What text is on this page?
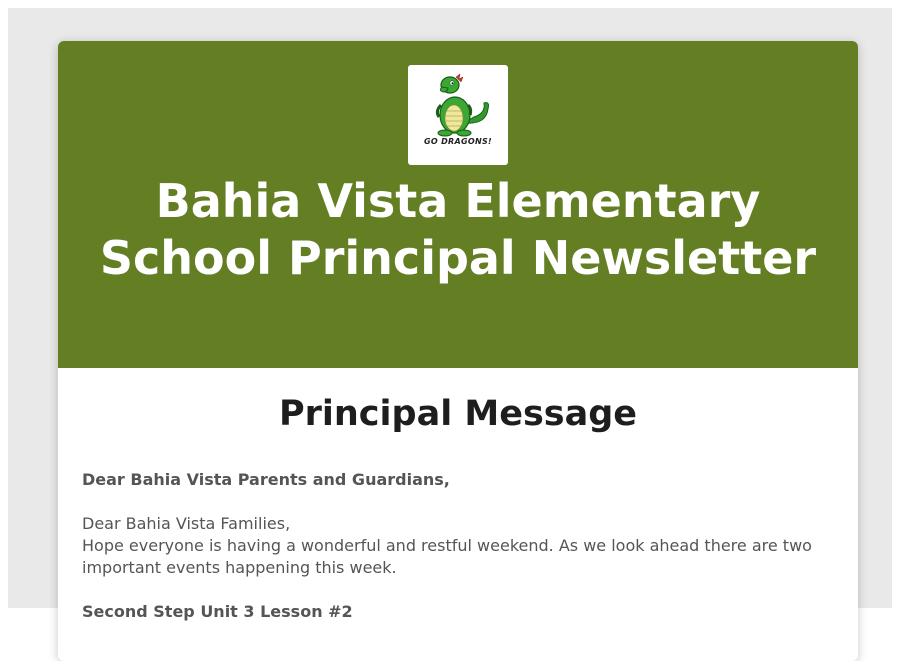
GO DRAGONS!
Bahia Vista Elementary School Principal Newsletter
Principal Message

Dear Bahia Vista Parents and Guardians,

Dear Bahia Vista Families,

Hope everyone is having a wonderful and restful weekend. As we look ahead there are two important events happening this week.

Second Step Unit 3 Lesson #2
